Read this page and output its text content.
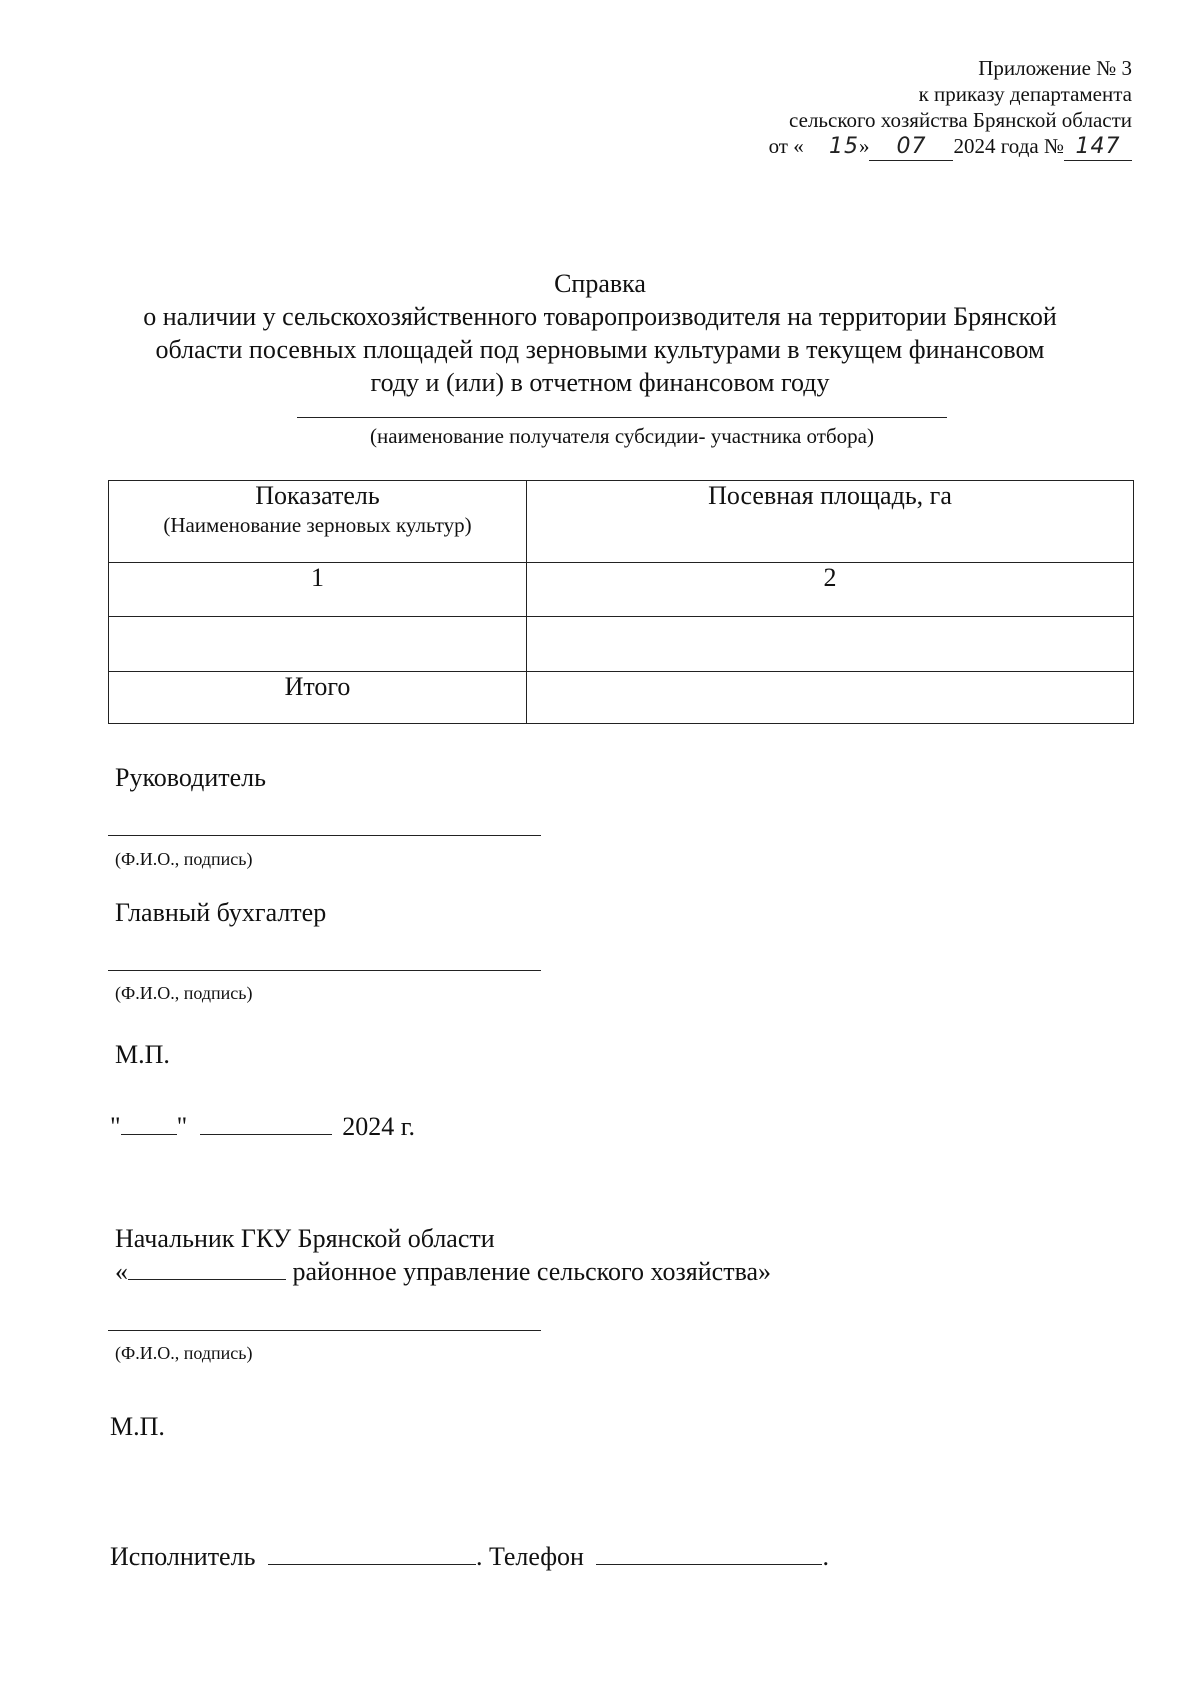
Приложение № 3
к приказу департамента
сельского хозяйства Брянской области
от « 15» 07 2024 года № 147
Справка
о наличии у сельскохозяйственного товаропроизводителя на территории Брянской
области посевных площадей под зерновыми культурами в текущем финансовом
году и (или) в отчетном финансовом году
(наименование получателя субсидии- участника отбора)
Показатель
(Наименование зерновых культур)	Посевная площадь, га
1	2

Итого	
Руководитель
(Ф.И.О., подпись)
Главный бухгалтер
(Ф.И.О., подпись)
М.П.
" "	2024 г.
Начальник ГКУ Брянской области
«	районное управление сельского хозяйства»
(Ф.И.О., подпись)
М.П.
Исполнитель	. Телефон	.
